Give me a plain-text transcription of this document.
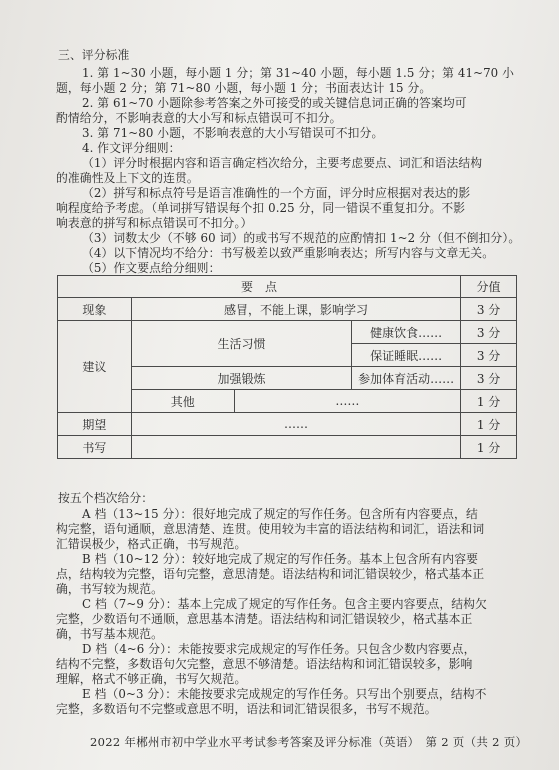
三、评分标准
1. 第 1~30 小题，每小题 1 分；第 31~40 小题，每小题 1.5 分；第 41~70 小
题，每小题 2 分；第 71~80 小题，每小题 1 分；书面表达计 15 分。
2. 第 61~70 小题除参考答案之外可接受的或关键信息词正确的答案均可
酌情给分，不影响表意的大小写和标点错误可不扣分。
3. 第 71~80 小题，不影响表意的大小写错误可不扣分。
4. 作文评分细则：
（1）评分时根据内容和语言确定档次给分，主要考虑要点、词汇和语法结构
的准确性及上下文的连贯。
（2）拼写和标点符号是语言准确性的一个方面，评分时应根据对表达的影
响程度给予考虑。（单词拼写错误每个扣 0.25 分，同一错误不重复扣分。不影
响表意的拼写和标点错误可不扣分。）
（3）词数太少（不够 60 词）的或书写不规范的应酌情扣 1~2 分（但不倒扣分）。
（4）以下情况均不给分：书写极差以致严重影响表达；所写内容与文章无关。
（5）作文要点给分细则：
要　点				分值
现象	感冒，不能上课，影响学习			3 分
建议	生活习惯		健康饮食……	3 分
			保证睡眠……	3 分
	加强锻炼		参加体育活动……	3 分
	其他	……		1 分
期望	……			1 分
书写				1 分
按五个档次给分：
A 档（13~15 分）：很好地完成了规定的写作任务。包含所有内容要点，结
构完整，语句通顺，意思清楚、连贯。使用较为丰富的语法结构和词汇，语法和词
汇错误极少，格式正确，书写规范。
B 档（10~12 分）：较好地完成了规定的写作任务。基本上包含所有内容要
点，结构较为完整，语句完整，意思清楚。语法结构和词汇错误较少，格式基本正
确，书写较为规范。
C 档（7~9 分）：基本上完成了规定的写作任务。包含主要内容要点，结构欠
完整，少数语句不通顺，意思基本清楚。语法结构和词汇错误较少，格式基本正
确，书写基本规范。
D 档（4~6 分）：未能按要求完成规定的写作任务。只包含少数内容要点，
结构不完整，多数语句欠完整，意思不够清楚。语法结构和词汇错误较多，影响
理解，格式不够正确，书写欠规范。
E 档（0~3 分）：未能按要求完成规定的写作任务。只写出个别要点，结构不
完整，多数语句不完整或意思不明，语法和词汇错误很多，书写不规范。
2022 年郴州市初中学业水平考试参考答案及评分标准（英语）　第 2 页（共 2 页）
